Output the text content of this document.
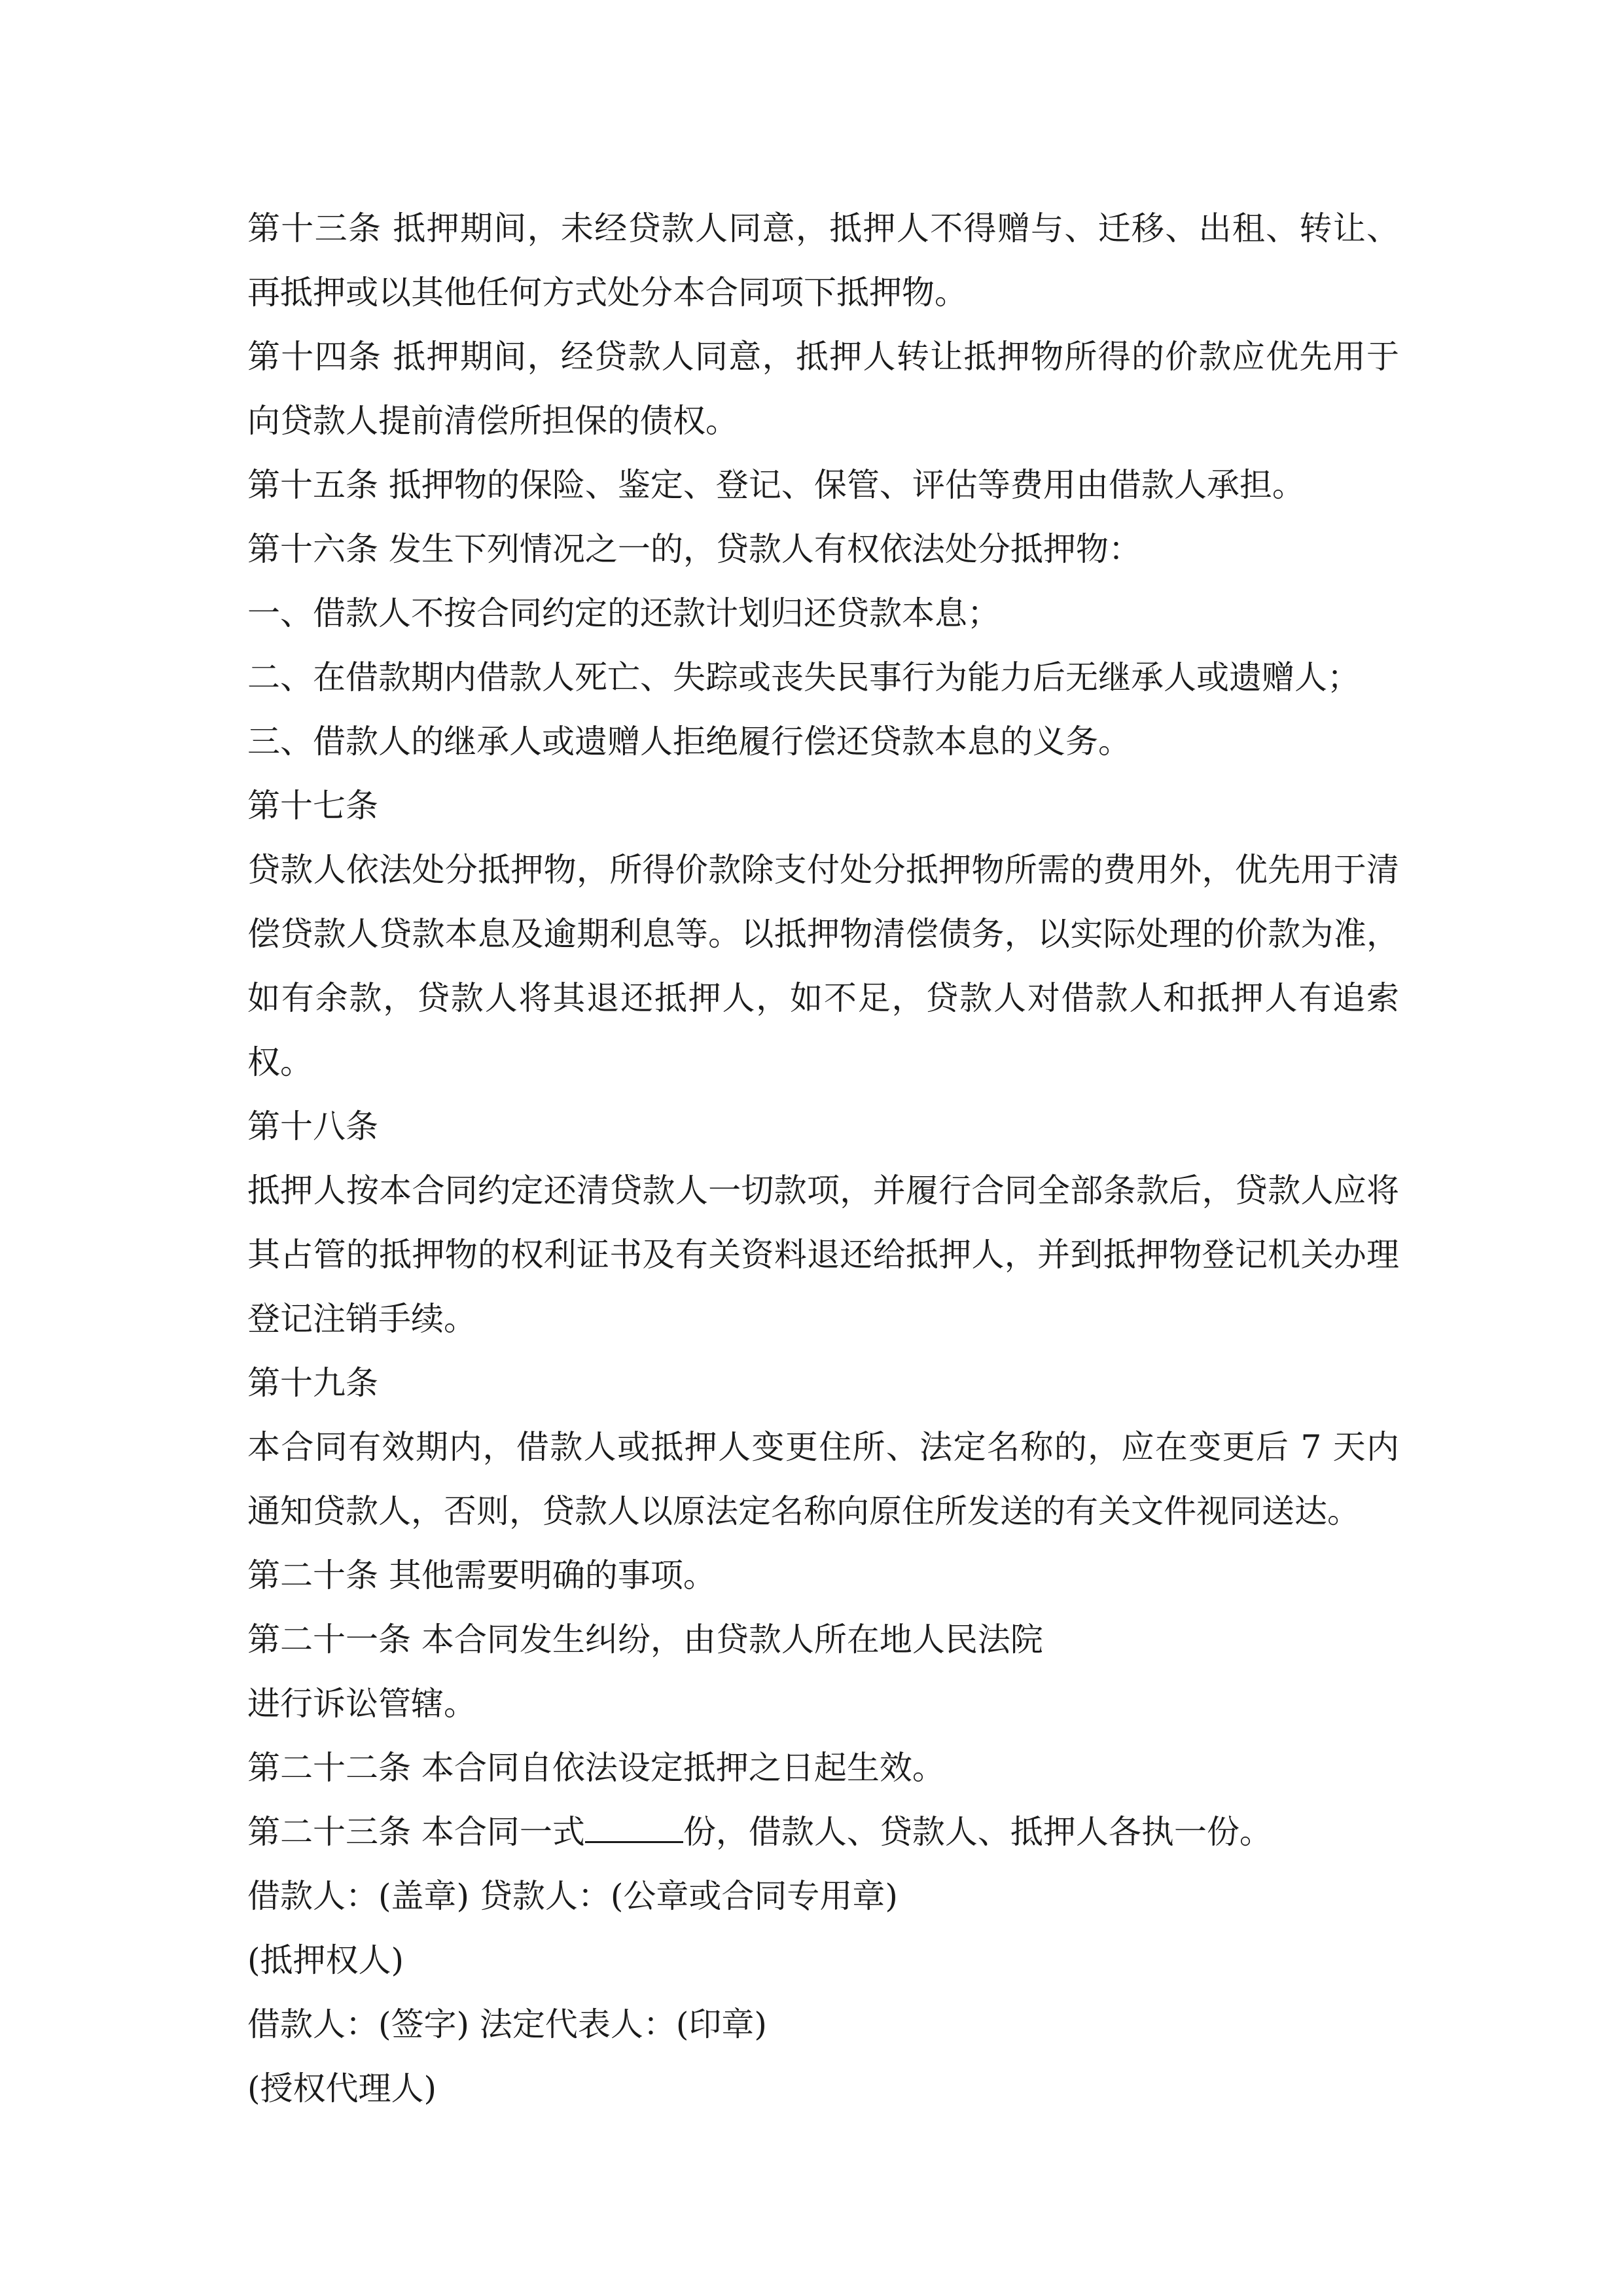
第十三条 抵押期间，未经贷款人同意，抵押人不得赠与、迁移、出租、转让、再抵押或以其他任何方式处分本合同项下抵押物。

第十四条 抵押期间，经贷款人同意，抵押人转让抵押物所得的价款应优先用于向贷款人提前清偿所担保的债权。

第十五条 抵押物的保险、鉴定、登记、保管、评估等费用由借款人承担。

第十六条 发生下列情况之一的，贷款人有权依法处分抵押物：

一、借款人不按合同约定的还款计划归还贷款本息；

二、在借款期内借款人死亡、失踪或丧失民事行为能力后无继承人或遗赠人；

三、借款人的继承人或遗赠人拒绝履行偿还贷款本息的义务。

第十七条

贷款人依法处分抵押物，所得价款除支付处分抵押物所需的费用外，优先用于清偿贷款人贷款本息及逾期利息等。以抵押物清偿债务，以实际处理的价款为准，如有余款，贷款人将其退还抵押人，如不足，贷款人对借款人和抵押人有追索权。

第十八条

抵押人按本合同约定还清贷款人一切款项，并履行合同全部条款后，贷款人应将其占管的抵押物的权利证书及有关资料退还给抵押人，并到抵押物登记机关办理登记注销手续。

第十九条

本合同有效期内，借款人或抵押人变更住所、法定名称的，应在变更后 7 天内通知贷款人，否则，贷款人以原法定名称向原住所发送的有关文件视同送达。

第二十条 其他需要明确的事项。

第二十一条 本合同发生纠纷，由贷款人所在地人民法院

进行诉讼管辖。

第二十二条 本合同自依法设定抵押之日起生效。

第二十三条 本合同一式	份，借款人、贷款人、抵押人各执一份。

借款人：(盖章) 贷款人：(公章或合同专用章)

(抵押权人)

借款人：(签字) 法定代表人：(印章)

(授权代理人)
